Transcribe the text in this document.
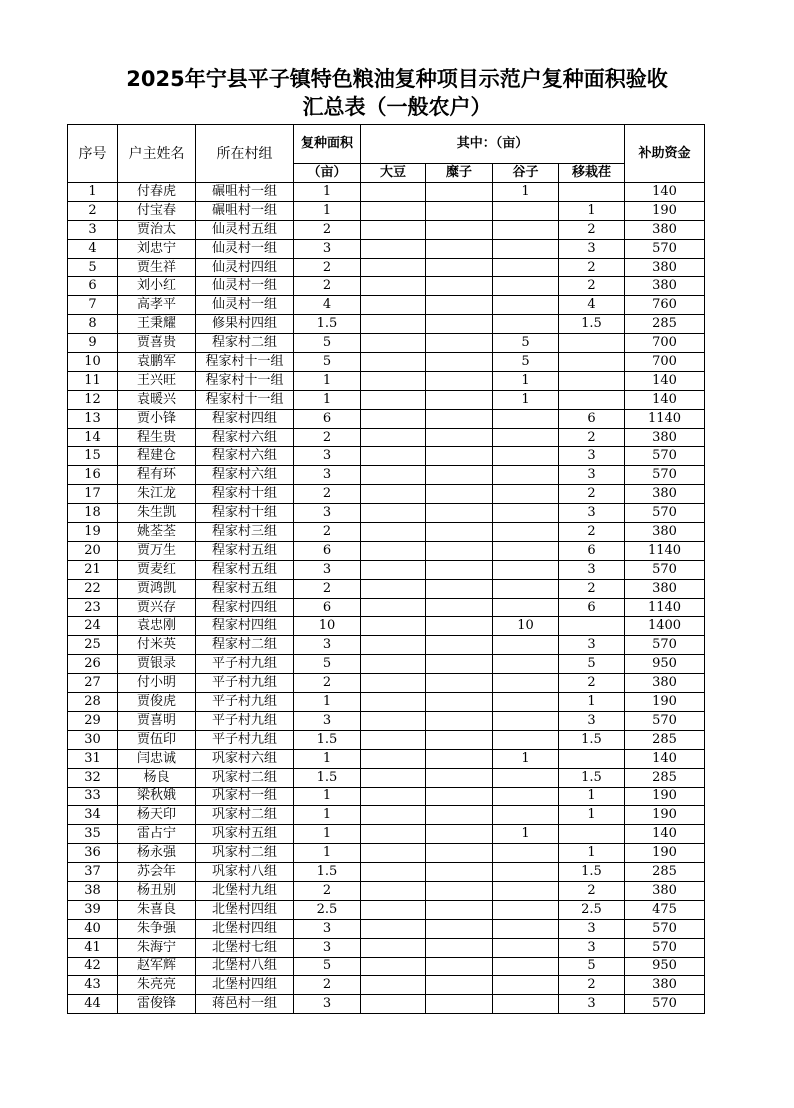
2025年宁县平子镇特色粮油复种项目示范户复种面积验收
汇总表（一般农户）
序号	户主姓名	所在村组	复种面积	其中：（亩）				补助资金
			（亩）	大豆	糜子	谷子	移栽荏	
1	付春虎	碾咀村一组	1			1		140
2	付宝春	碾咀村一组	1				1	190
3	贾治太	仙灵村五组	2				2	380
4	刘忠宁	仙灵村一组	3				3	570
5	贾生祥	仙灵村四组	2				2	380
6	刘小红	仙灵村一组	2				2	380
7	高孝平	仙灵村一组	4				4	760
8	王秉耀	修果村四组	1.5				1.5	285
9	贾喜贵	程家村二组	5			5		700
10	袁鹏军	程家村十一组	5			5		700
11	王兴旺	程家村十一组	1			1		140
12	袁暖兴	程家村十一组	1			1		140
13	贾小锋	程家村四组	6				6	1140
14	程生贵	程家村六组	2				2	380
15	程建仓	程家村六组	3				3	570
16	程有环	程家村六组	3				3	570
17	朱江龙	程家村十组	2				2	380
18	朱生凯	程家村十组	3				3	570
19	姚荃荃	程家村三组	2				2	380
20	贾万生	程家村五组	6				6	1140
21	贾麦红	程家村五组	3				3	570
22	贾鸿凯	程家村五组	2				2	380
23	贾兴存	程家村四组	6				6	1140
24	袁忠刚	程家村四组	10			10		1400
25	付米英	程家村二组	3				3	570
26	贾银录	平子村九组	5				5	950
27	付小明	平子村九组	2				2	380
28	贾俊虎	平子村九组	1				1	190
29	贾喜明	平子村九组	3				3	570
30	贾伍印	平子村九组	1.5				1.5	285
31	闫忠诚	巩家村六组	1			1		140
32	杨良	巩家村二组	1.5				1.5	285
33	梁秋娥	巩家村一组	1				1	190
34	杨天印	巩家村二组	1				1	190
35	雷占宁	巩家村五组	1			1		140
36	杨永强	巩家村二组	1				1	190
37	苏会年	巩家村八组	1.5				1.5	285
38	杨丑别	北堡村九组	2				2	380
39	朱喜良	北堡村四组	2.5				2.5	475
40	朱争强	北堡村四组	3				3	570
41	朱海宁	北堡村七组	3				3	570
42	赵军辉	北堡村八组	5				5	950
43	朱亮亮	北堡村四组	2				2	380
44	雷俊锋	蒋邑村一组	3				3	570
